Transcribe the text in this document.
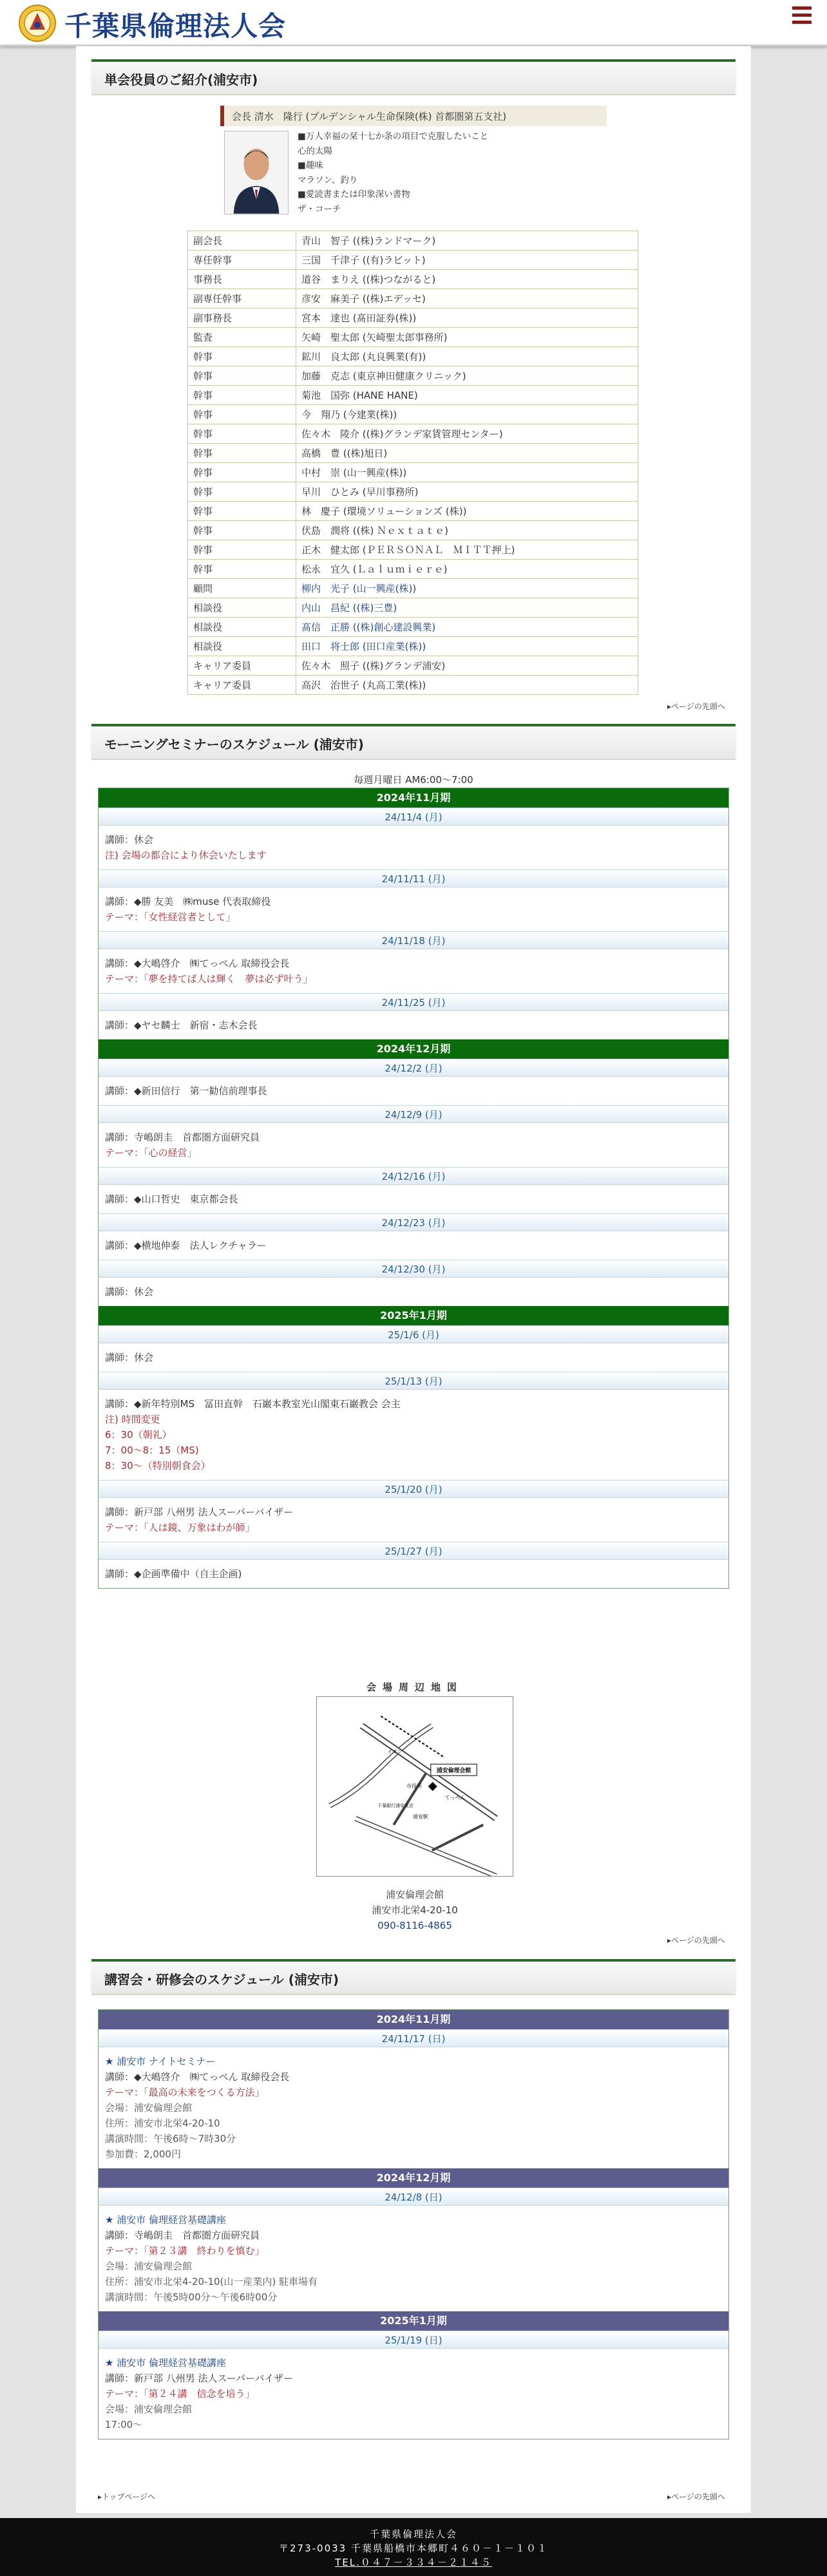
千葉県倫理法人会
単会役員のご紹介(浦安市)
会長 清水　隆行 (プルデンシャル生命保険(株) 首都圏第五支社)
■万人幸福の栞十七か条の項目で克服したいこと
心的太陽
■趣味
マラソン、釣り
■愛読書または印象深い書物
ザ・コーチ
副会長	青山　智子 ((株)ランドマーク)
専任幹事	三国　千津子 ((有)ラビット)
事務長	道谷　まりえ ((株)つながると)
副専任幹事	彦安　麻美子 ((株)エデッセ)
副事務長	宮本　達也 (髙田証券(株))
監査	矢崎　聖太郎 (矢崎聖太郎事務所)
幹事	鉱川　良太郎 (丸良興業(有))
幹事	加藤　克志 (東京神田健康クリニック)
幹事	菊池　国弥 (HANE HANE)
幹事	今　翔乃 (今建業(株))
幹事	佐々木　陵介 ((株)グランデ家賃管理センター)
幹事	高橋　豊 ((株)旭日)
幹事	中村　崇 (山一興産(株))
幹事	早川　ひとみ (早川事務所)
幹事	林　慶子 (環境ソリューションズ (株))
幹事	伏島　潤将 ((株) Ｎｅｘｔａｔｅ)
幹事	正木　健太郎 (ＰＥＲＳＯＮＡＬ　ＭＩＴＴ押上)
幹事	松永　宜久 (Ｌａｌｕｍｉｅｒｅ)
顧問	柳内　光子 (山一興産(株))
相談役	内山　昌紀 ((株)三豊)
相談役	髙信　正勝 ((株)創心建設興業)
相談役	田口　将士郎 (田口産業(株))
キャリア委員	佐々木　照子 ((株)グランデ浦安)
キャリア委員	高沢　治世子 (丸高工業(株))
▸ページの先頭へ
モーニングセミナーのスケジュール (浦安市)
毎週月曜日 AM6:00〜7:00
2024年11月期
24/11/4 (月)
講師：休会
注) 会場の都合により休会いたします
24/11/11 (月)
講師：◆勝 友美　㈱muse 代表取締役
テーマ：「女性経営者として」
24/11/18 (月)
講師：◆大嶋啓介　㈱てっぺん 取締役会長
テーマ：「夢を持てば人は輝く　夢は必ず叶う」
24/11/25 (月)
講師：◆ヤセ麟士　新宿・志木会長
2024年12月期
24/12/2 (月)
講師：◆新田信行　第一勧信前理事長
24/12/9 (月)
講師：寺嶋朗圭　首都圏方面研究員
テーマ：「心の経営」
24/12/16 (月)
講師：◆山口哲史　東京都会長
24/12/23 (月)
講師：◆横地伸泰　法人レクチャラー
24/12/30 (月)
講師：休会
2025年1月期
25/1/6 (月)
講師：休会
25/1/13 (月)
講師：◆新年特別MS　冨田直幹　石巌本教室光山閣東石巌教会 会主
注) 時間変更
6：30（朝礼）
7：00〜8：15（MS)
8：30〜（特別朝食会）
25/1/20 (月)
講師：新戸部 八州男 法人スーパーバイザー
テーマ：「人は鏡、万象はわが師」
25/1/27 (月)
講師：◆企画準備中（自主企画)
会場周辺地図
浦安倫理会館
市役所
てっぺん
千葉銀行浦安支店
浦安駅
イオン
浦安倫理会館
浦安市北栄4-20-10
090-8116-4865
▸ページの先頭へ
講習会・研修会のスケジュール (浦安市)
2024年11月期
24/11/17 (日)
★ 浦安市 ナイトセミナー
講師：◆大嶋啓介　㈱てっぺん 取締役会長
テーマ：「最高の未来をつくる方法」
会場：浦安倫理会館
住所：浦安市北栄4-20-10
講演時間：午後6時〜7時30分
参加費：2,000円
2024年12月期
24/12/8 (日)
★ 浦安市 倫理経営基礎講座
講師：寺嶋朗圭　首都圏方面研究員
テーマ：「第２３講　終わりを慎む」
会場：浦安倫理会館
住所：浦安市北栄4-20-10(山一産業内) 駐車場有
講演時間：午後5時00分〜午後6時00分
2025年1月期
25/1/19 (日)
★ 浦安市 倫理経営基礎講座
講師：新戸部 八州男 法人スーパーバイザー
テーマ：「第２４講　信念を培う」
会場：浦安倫理会館
17:00〜
▸トップページへ	▸ページの先頭へ
千葉県倫理法人会
〒273-0033 千葉県船橋市本郷町４６０－１－１０１
TEL.０４７－３３４－２１４５
